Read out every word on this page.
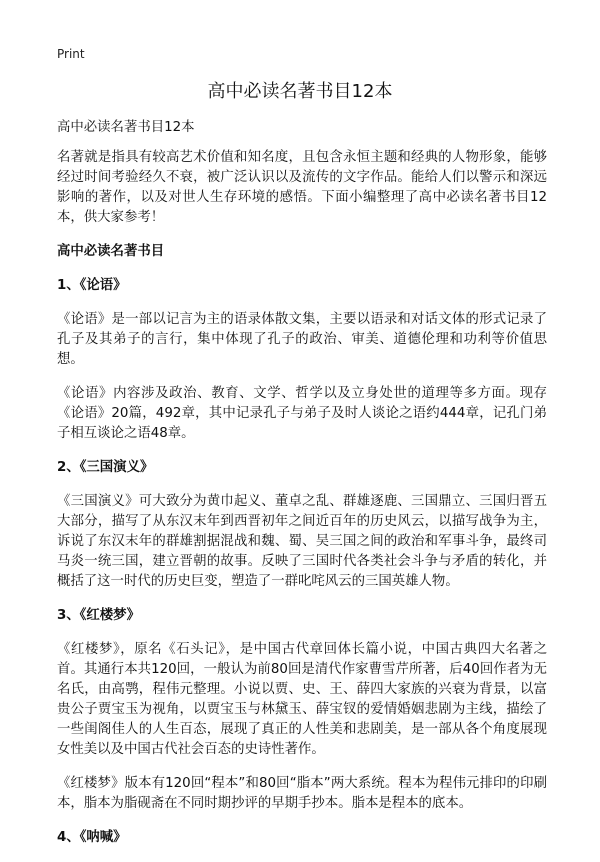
Print
高中必读名著书目12本

高中必读名著书目12本

名著就是指具有较高艺术价值和知名度，且包含永恒主题和经典的人物形象，能够经过时间考验经久不衰，被广泛认识以及流传的文字作品。能给人们以警示和深远影响的著作，以及对世人生存环境的感悟。下面小编整理了高中必读名著书目12本，供大家参考！

高中必读名著书目

1、《论语》

《论语》是一部以记言为主的语录体散文集，主要以语录和对话文体的形式记录了孔子及其弟子的言行，集中体现了孔子的政治、审美、道德伦理和功利等价值思想。

《论语》内容涉及政治、教育、文学、哲学以及立身处世的道理等多方面。现存《论语》20篇，492章，其中记录孔子与弟子及时人谈论之语约444章，记孔门弟子相互谈论之语48章。

2、《三国演义》

《三国演义》可大致分为黄巾起义、董卓之乱、群雄逐鹿、三国鼎立、三国归晋五大部分，描写了从东汉末年到西晋初年之间近百年的历史风云，以描写战争为主，诉说了东汉末年的群雄割据混战和魏、蜀、吴三国之间的政治和军事斗争，最终司马炎一统三国，建立晋朝的故事。反映了三国时代各类社会斗争与矛盾的转化，并概括了这一时代的历史巨变，塑造了一群叱咤风云的三国英雄人物。

3、《红楼梦》

《红楼梦》，原名《石头记》，是中国古代章回体长篇小说，中国古典四大名著之首。其通行本共120回，一般认为前80回是清代作家曹雪芹所著，后40回作者为无名氏，由高鹗，程伟元整理。小说以贾、史、王、薛四大家族的兴衰为背景，以富贵公子贾宝玉为视角，以贾宝玉与林黛玉、薛宝钗的爱情婚姻悲剧为主线，描绘了一些闺阁佳人的人生百态，展现了真正的人性美和悲剧美，是一部从各个角度展现女性美以及中国古代社会百态的史诗性著作。

《红楼梦》版本有120回“程本”和80回“脂本”两大系统。程本为程伟元排印的印刷本，脂本为脂砚斋在不同时期抄评的早期手抄本。脂本是程本的底本。

4、《呐喊》
